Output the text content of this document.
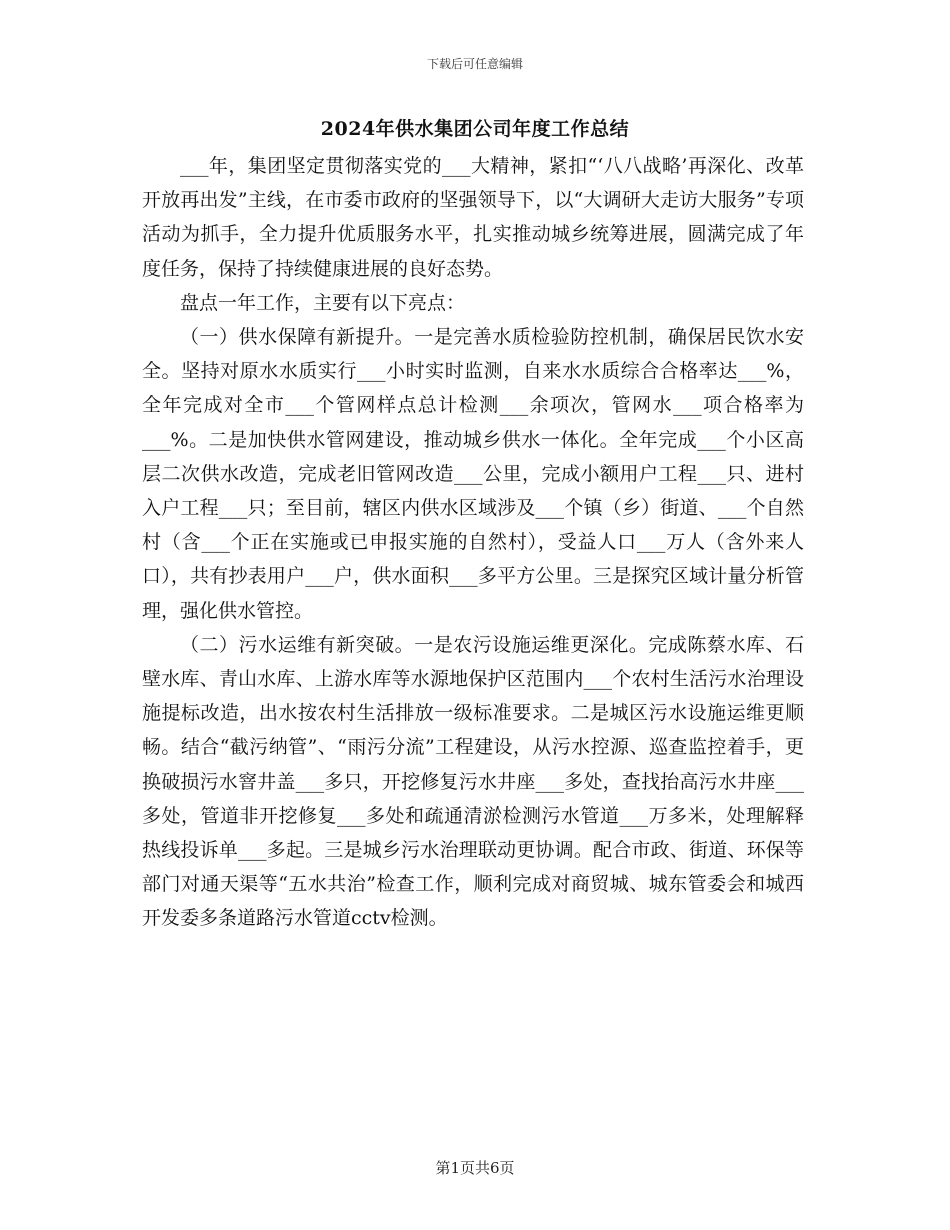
下载后可任意编辑
2024年供水集团公司年度工作总结

___年，集团坚定贯彻落实党的___大精神，紧扣“‘八八战略’再深化、改革开放再出发”主线，在市委市政府的坚强领导下，以“大调研大走访大服务”专项活动为抓手，全力提升优质服务水平，扎实推动城乡统筹进展，圆满完成了年度任务，保持了持续健康进展的良好态势。

盘点一年工作，主要有以下亮点：

（一）供水保障有新提升。一是完善水质检验防控机制，确保居民饮水安全。坚持对原水水质实行___小时实时监测，自来水水质综合合格率达___%，全年完成对全市___个管网样点总计检测___余项次，管网水___项合格率为___%。二是加快供水管网建设，推动城乡供水一体化。全年完成___个小区高层二次供水改造，完成老旧管网改造___公里，完成小额用户工程___只、进村入户工程___只；至目前，辖区内供水区域涉及___个镇（乡）街道、___个自然村（含___个正在实施或已申报实施的自然村），受益人口___万人（含外来人口），共有抄表用户___户，供水面积___多平方公里。三是探究区域计量分析管理，强化供水管控。

（二）污水运维有新突破。一是农污设施运维更深化。完成陈蔡水库、石壁水库、青山水库、上游水库等水源地保护区范围内___个农村生活污水治理设施提标改造，出水按农村生活排放一级标准要求。二是城区污水设施运维更顺畅。结合“截污纳管”、“雨污分流”工程建设，从污水控源、巡查监控着手，更换破损污水窨井盖___多只，开挖修复污水井座___多处，查找抬高污水井座___多处，管道非开挖修复___多处和疏通清淤检测污水管道___万多米，处理解释热线投诉单___多起。三是城乡污水治理联动更协调。配合市政、街道、环保等部门对通天渠等“五水共治”检查工作，顺利完成对商贸城、城东管委会和城西开发委多条道路污水管道cctv检测。

第1页共6页
